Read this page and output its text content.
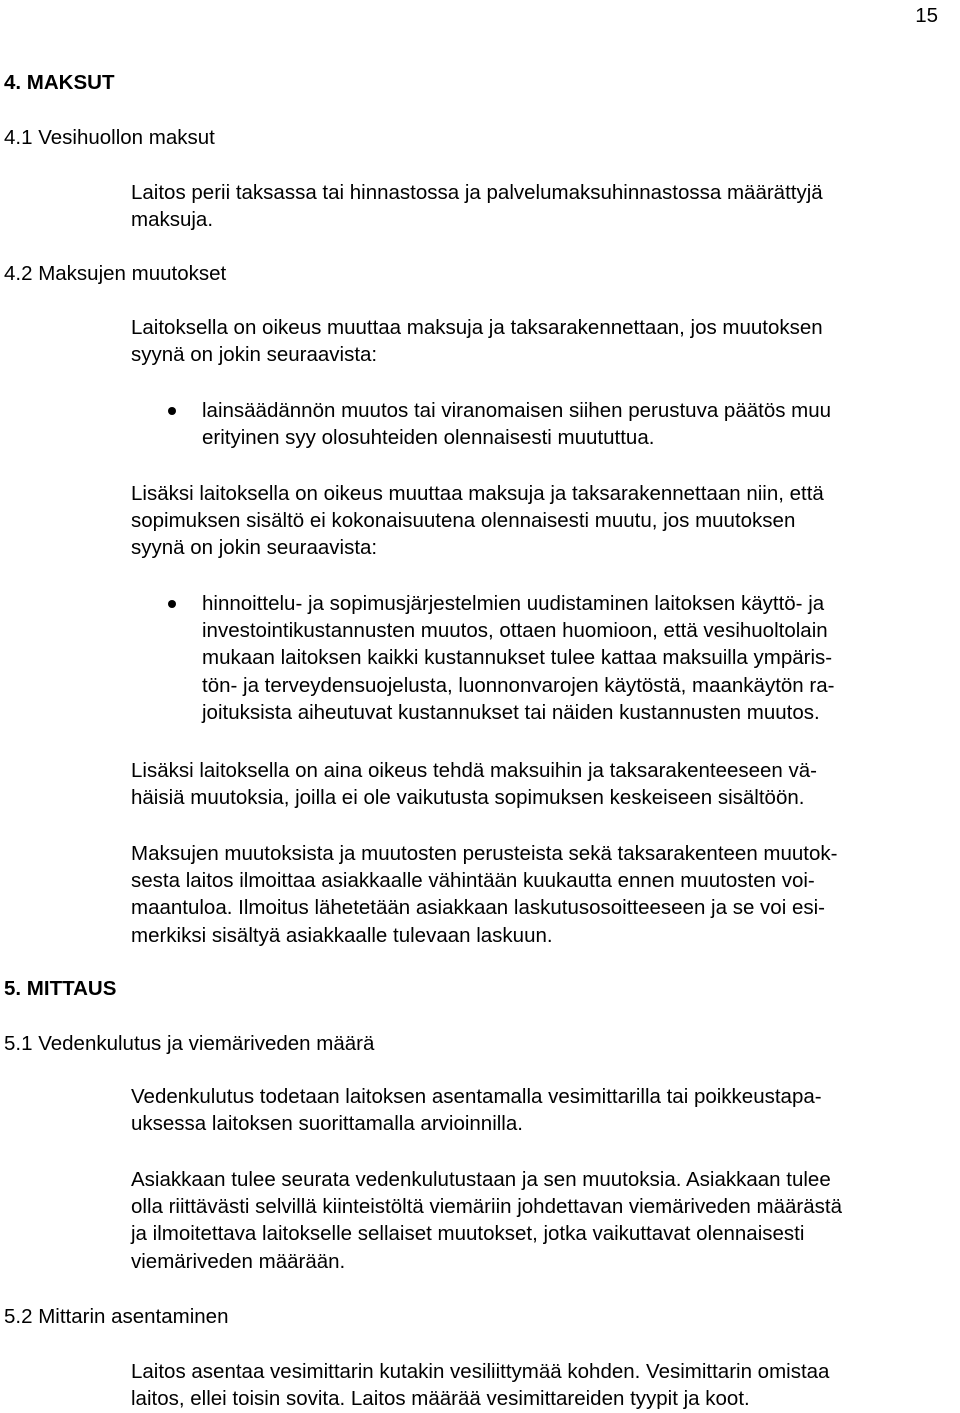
15
4. MAKSUT
4.1 Vesihuollon maksut
Laitos perii taksassa tai hinnastossa ja palvelumaksuhinnastossa määrättyjä
maksuja.
4.2 Maksujen muutokset
Laitoksella on oikeus muuttaa maksuja ja taksarakennettaan, jos muutoksen
syynä on jokin seuraavista:
lainsäädännön muutos tai viranomaisen siihen perustuva päätös muu
erityinen syy olosuhteiden olennaisesti muututtua.
Lisäksi laitoksella on oikeus muuttaa maksuja ja taksarakennettaan niin, että
sopimuksen sisältö ei kokonaisuutena olennaisesti muutu, jos muutoksen
syynä on jokin seuraavista:
hinnoittelu- ja sopimusjärjestelmien uudistaminen laitoksen käyttö- ja
investointikustannusten muutos, ottaen huomioon, että vesihuoltolain
mukaan laitoksen kaikki kustannukset tulee kattaa maksuilla ympäris-
tön- ja terveydensuojelusta, luonnonvarojen käytöstä, maankäytön ra-
joituksista aiheutuvat kustannukset tai näiden kustannusten muutos.
Lisäksi laitoksella on aina oikeus tehdä maksuihin ja taksarakenteeseen vä-
häisiä muutoksia, joilla ei ole vaikutusta sopimuksen keskeiseen sisältöön.
Maksujen muutoksista ja muutosten perusteista sekä taksarakenteen muutok-
sesta laitos ilmoittaa asiakkaalle vähintään kuukautta ennen muutosten voi-
maantuloa. Ilmoitus lähetetään asiakkaan laskutusosoitteeseen ja se voi esi-
merkiksi sisältyä asiakkaalle tulevaan laskuun.
5. MITTAUS
5.1 Vedenkulutus ja viemäriveden määrä
Vedenkulutus todetaan laitoksen asentamalla vesimittarilla tai poikkeustapa-
uksessa laitoksen suorittamalla arvioinnilla.
Asiakkaan tulee seurata vedenkulutustaan ja sen muutoksia. Asiakkaan tulee
olla riittävästi selvillä kiinteistöltä viemäriin johdettavan viemäriveden määrästä
ja ilmoitettava laitokselle sellaiset muutokset, jotka vaikuttavat olennaisesti
viemäriveden määrään.
5.2 Mittarin asentaminen
Laitos asentaa vesimittarin kutakin vesiliittymää kohden. Vesimittarin omistaa
laitos, ellei toisin sovita. Laitos määrää vesimittareiden tyypit ja koot.
